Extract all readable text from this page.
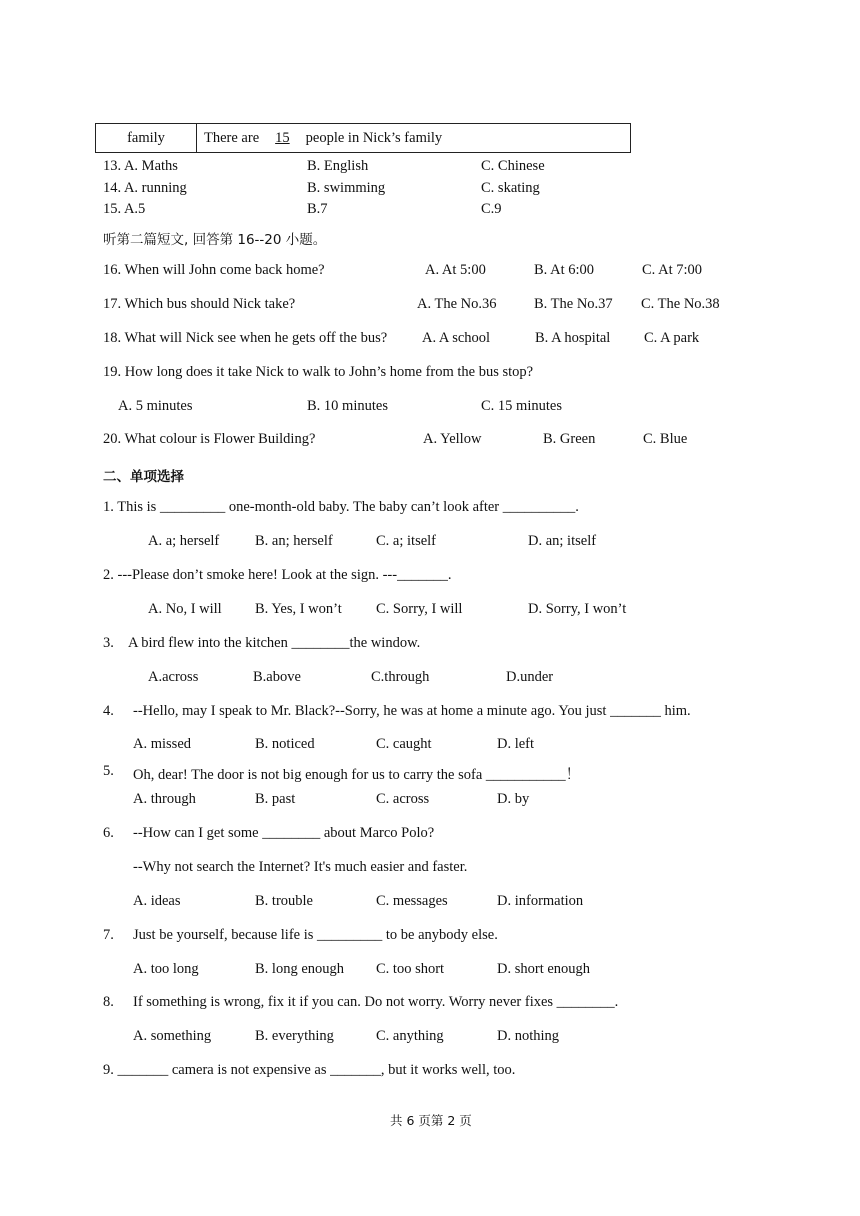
family	There are 15 people in Nick’s family
13. A. Maths	B. English	C. Chinese
14. A. running	B. swimming	C. skating
15. A.5	B.7	C.9
听第二篇短文, 回答第 16--20 小题。
16. When will John come back home?	A. At 5:00	B. At 6:00	C. At 7:00
17. Which bus should Nick take?	A. The No.36	B. The No.37 C. The No.38
18. What will Nick see when he gets off the bus? A. A school	B. A hospital C. A park
19. How long does it take Nick to walk to John’s home from the bus stop?
A. 5 minutes	B. 10 minutes	C. 15 minutes
20. What colour is Flower Building?	A. Yellow	B. Green	C. Blue
二、单项选择
1. This is _________ one-month-old baby. The baby can’t look after __________.
A. a; herself B. an; herself	C. a; itself	D. an; itself
2. ---Please don’t smoke here! Look at the sign. ---_______.
A. No, I will B. Yes, I won’t C. Sorry, I will	D. Sorry, I won’t
3. A bird flew into the kitchen ________the window.
A.across	B.above	C.through	D.under
4. --Hello, may I speak to Mr. Black?--Sorry, he was at home a minute ago. You just _______ him.
A. missed	B. noticed	C. caught	D. left
5. Oh, dear! The door is not big enough for us to carry the sofa ___________！
A. through	B. past	C. across	D. by
6. --How can I get some ________ about Marco Polo?
--Why not search the Internet? It's much easier and faster.
A. ideas	B. trouble	C. messages	D. information
7. Just be yourself, because life is _________ to be anybody else.
A. too long	B. long enough C. too short	D. short enough
8. If something is wrong, fix it if you can. Do not worry. Worry never fixes ________.
A. something	B. everything	C. anything	D. nothing
9. _______ camera is not expensive as _______, but it works well, too.
共 6 页第 2 页
